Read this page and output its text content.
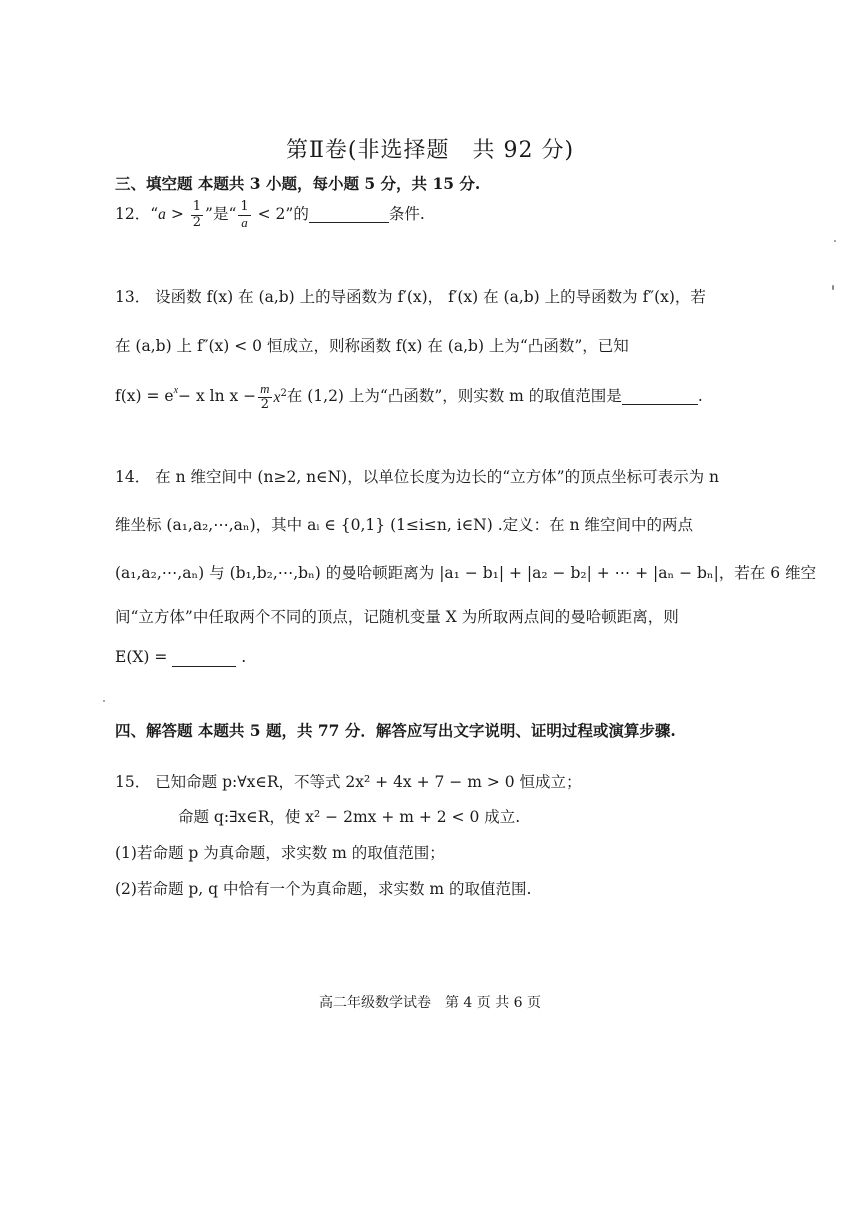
第Ⅱ卷(非选择题　共 92 分)
三、填空题 本题共 3 小题，每小题 5 分，共 15 分.
12． “ $a > \frac{1}{2}$ ”是“ $\frac{1}{a} < 2$ ”的
	条件.
13． 设函数 f(x) 在 (a,b) 上的导函数为 f′(x)， f′(x) 在 (a,b) 上的导函数为 f″(x)，若
在 (a,b) 上 f″(x) < 0 恒成立，则称函数 f(x) 在 (a,b) 上为“凸函数”，已知
$f(x) = e^x - x$ $\ln x - \frac{m}{2} x^2$ 在 (1,2) 上为“凸函数”，则实数 m 的取值范围是
	.
14． 在 n 维空间中 (n≥2, n∈N)，以单位长度为边长的“立方体”的顶点坐标可表示为 n
维坐标 (a₁,a₂,⋯,aₙ)，其中 aᵢ ∈ {0,1} (1≤i≤n, i∈N) .定义：在 n 维空间中的两点
(a₁,a₂,⋯,aₙ) 与 (b₁,b₂,⋯,bₙ) 的曼哈顿距离为 |a₁ − b₁| + |a₂ − b₂| + ⋯ + |aₙ − bₙ|，若在 6 维空
间“立方体”中任取两个不同的顶点，记随机变量 X 为所取两点间的曼哈顿距离，则
E(X) =	.
四、解答题 本题共 5 题，共 77 分．解答应写出文字说明、证明过程或演算步骤.
15． 已知命题 p:∀x∈R，不等式 2x² + 4x + 7 − m > 0 恒成立；
命题 q:∃x∈R，使 x² − 2mx + m + 2 < 0 成立.
(1)若命题 p 为真命题，求实数 m 的取值范围；
(2)若命题 p, q 中恰有一个为真命题，求实数 m 的取值范围.
高二年级数学试卷　第 4 页 共 6 页
